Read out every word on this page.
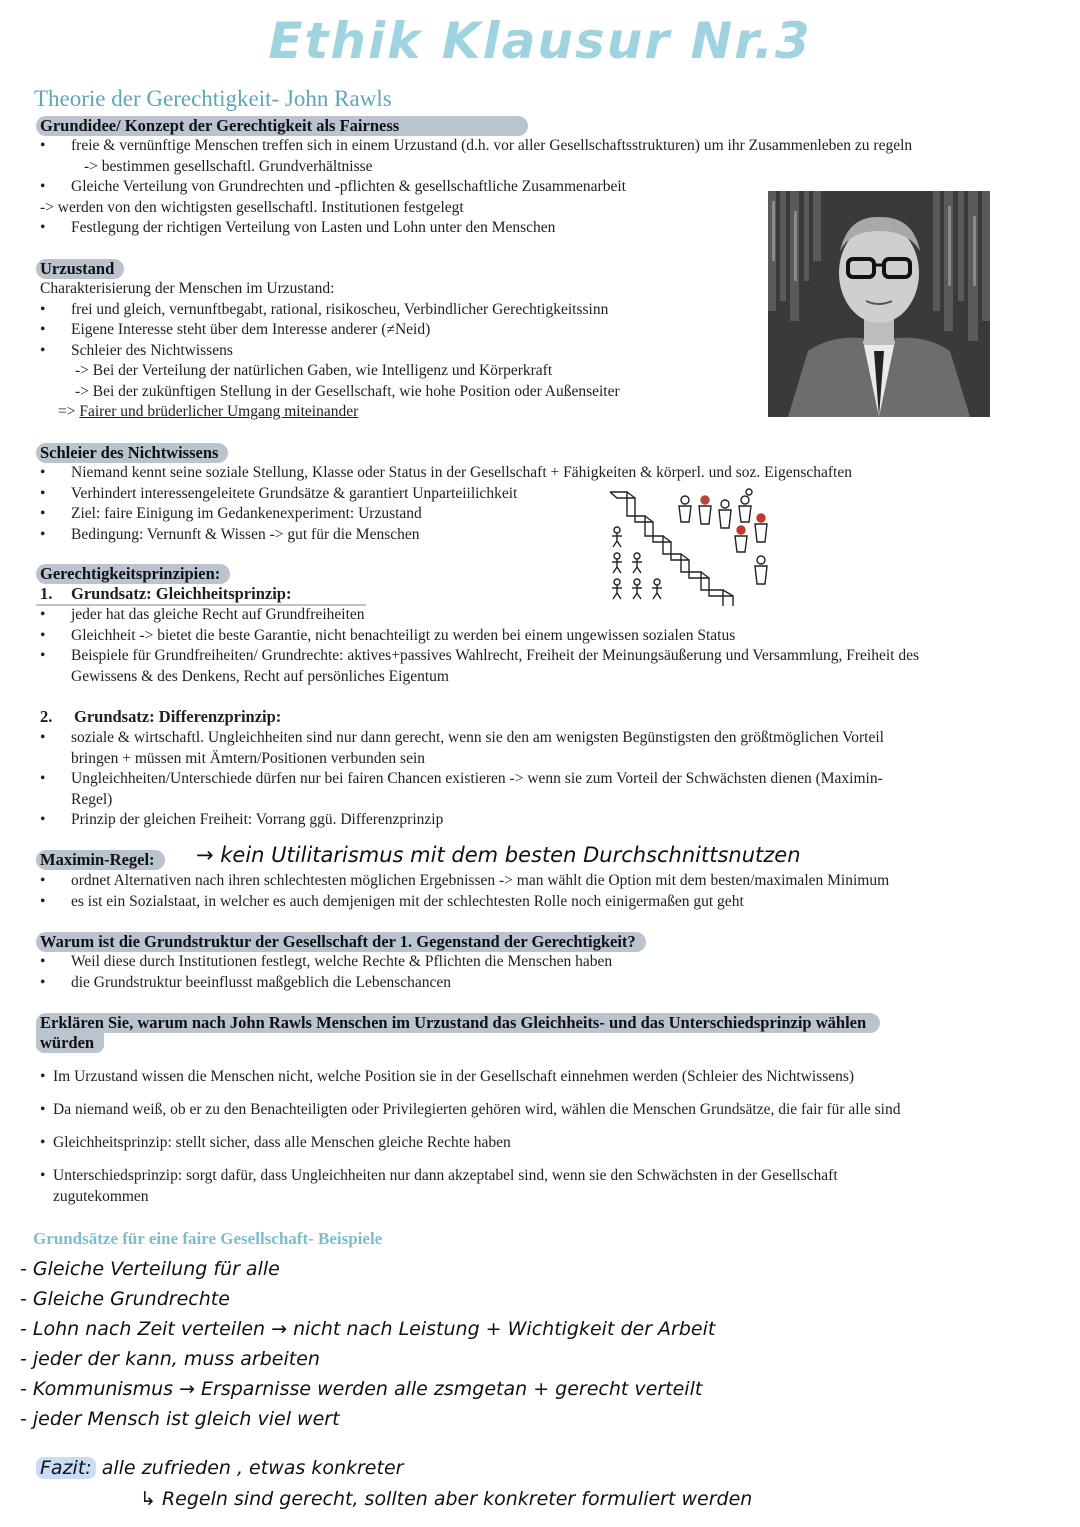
Ethik Klausur Nr.3
Theorie der Gerechtigkeit- John Rawls
Grundidee/ Konzept der Gerechtigkeit als Fairness
• freie & vernünftige Menschen treffen sich in einem Urzustand (d.h. vor aller Gesellschaftsstrukturen) um ihr Zusammenleben zu regeln
-> bestimmen gesellschaftl. Grundverhältnisse
• Gleiche Verteilung von Grundrechten und -pflichten & gesellschaftliche Zusammenarbeit
-> werden von den wichtigsten gesellschaftl. Institutionen festgelegt
• Festlegung der richtigen Verteilung von Lasten und Lohn unter den Menschen
Urzustand
Charakterisierung der Menschen im Urzustand:
• frei und gleich, vernunftbegabt, rational, risikoscheu, Verbindlicher Gerechtigkeitssinn
• Eigene Interesse steht über dem Interesse anderer (≠Neid)
• Schleier des Nichtwissens
-> Bei der Verteilung der natürlichen Gaben, wie Intelligenz und Körperkraft
-> Bei der zukünftigen Stellung in der Gesellschaft, wie hohe Position oder Außenseiter
=> Fairer und brüderlicher Umgang miteinander
Schleier des Nichtwissens
• Niemand kennt seine soziale Stellung, Klasse oder Status in der Gesellschaft + Fähigkeiten & körperl. und soz. Eigenschaften
• Verhindert interessengeleitete Grundsätze & garantiert Unparteiilichkeit
• Ziel: faire Einigung im Gedankenexperiment: Urzustand
• Bedingung: Vernunft & Wissen -> gut für die Menschen
Gerechtigkeitsprinzipien:
1. Grundsatz: Gleichheitsprinzip:
• jeder hat das gleiche Recht auf Grundfreiheiten
• Gleichheit -> bietet die beste Garantie, nicht benachteiligt zu werden bei einem ungewissen sozialen Status
• Beispiele für Grundfreiheiten/ Grundrechte: aktives+passives Wahlrecht, Freiheit der Meinungsäußerung und Versammlung, Freiheit des
Gewissens & des Denkens, Recht auf persönliches Eigentum
2. Grundsatz: Differenzprinzip:
• soziale & wirtschaftl. Ungleichheiten sind nur dann gerecht, wenn sie den am wenigsten Begünstigsten den größtmöglichen Vorteil
bringen + müssen mit Ämtern/Positionen verbunden sein
• Ungleichheiten/Unterschiede dürfen nur bei fairen Chancen existieren -> wenn sie zum Vorteil der Schwächsten dienen (Maximin-
Regel)
• Prinzip der gleichen Freiheit: Vorrang ggü. Differenzprinzip
Maximin-Regel:	→ kein Utilitarismus mit dem besten Durchschnittsnutzen
• ordnet Alternativen nach ihren schlechtesten möglichen Ergebnissen -> man wählt die Option mit dem besten/maximalen Minimum
• es ist ein Sozialstaat, in welcher es auch demjenigen mit der schlechtesten Rolle noch einigermaßen gut geht
Warum ist die Grundstruktur der Gesellschaft der 1. Gegenstand der Gerechtigkeit?
• Weil diese durch Institutionen festlegt, welche Rechte & Pflichten die Menschen haben
• die Grundstruktur beeinflusst maßgeblich die Lebenschancen
Erklären Sie, warum nach John Rawls Menschen im Urzustand das Gleichheits- und das Unterschiedsprinzip wählen
würden
• Im Urzustand wissen die Menschen nicht, welche Position sie in der Gesellschaft einnehmen werden (Schleier des Nichtwissens)
• Da niemand weiß, ob er zu den Benachteiligten oder Privilegierten gehören wird, wählen die Menschen Grundsätze, die fair für alle sind
• Gleichheitsprinzip: stellt sicher, dass alle Menschen gleiche Rechte haben
• Unterschiedsprinzip: sorgt dafür, dass Ungleichheiten nur dann akzeptabel sind, wenn sie den Schwächsten in der Gesellschaft
zugutekommen
Grundsätze für eine faire Gesellschaft- Beispiele
- Gleiche Verteilung für alle
- Gleiche Grundrechte
- Lohn nach Zeit verteilen → nicht nach Leistung + Wichtigkeit der Arbeit
- jeder der kann, muss arbeiten
- Kommunismus → Ersparnisse werden alle zsmgetan + gerecht verteilt
- jeder Mensch ist gleich viel wert
Fazit: alle zufrieden , etwas konkreter
↳ Regeln sind gerecht, sollten aber konkreter formuliert werden
